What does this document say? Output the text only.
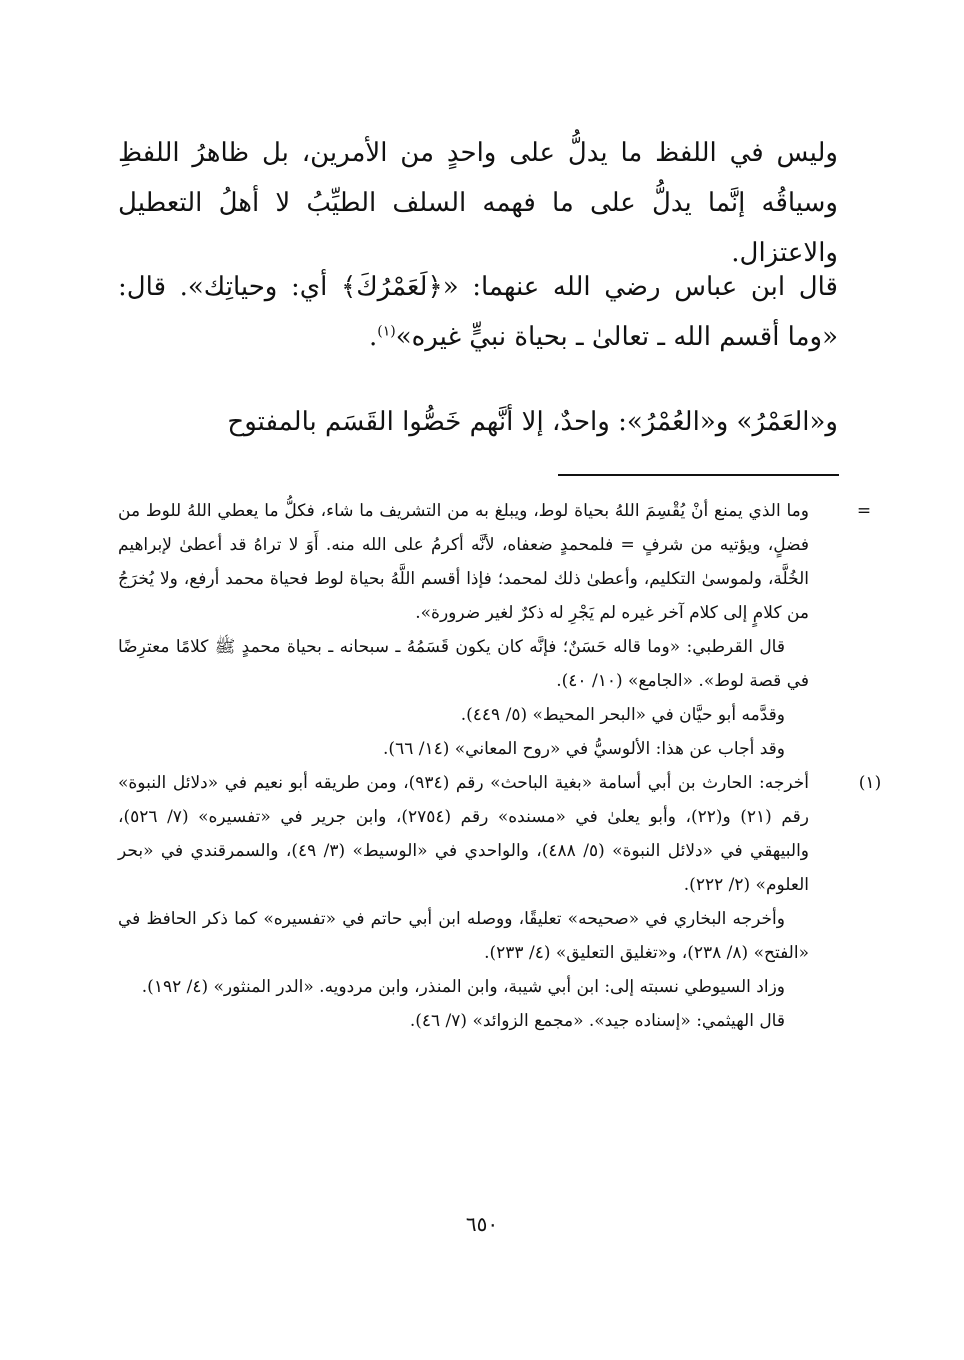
وليس في اللفظ ما يدلُّ على واحدٍ من الأمرين، بل ظاهرُ اللفظِ وسياقُه إنَّما يدلُّ على ما فهمه السلف الطيِّبُ لا أهلُ التعطيل والاعتزال.

قال ابن عباس رضي الله عنهما: «﴿لَعَمْرُكَ﴾ أي: وحياتِك». قال: «وما أقسم الله ـ تعالىٰ ـ بحياة نبيٍّ غيره»$^{(١)}$.

و«العَمْرُ» و«العُمْرُ»: واحدٌ، إلا أنَّهم خَصُّوا القَسَم بالمفتوح

=

وما الذي يمنع أنْ يُقْسِمَ اللهُ بحياة لوط، ويبلغ به من التشريف ما شاء، فكلُّ ما يعطي اللهُ للوط من فضلٍ، ويؤتيه من شرفٍ = فلمحمدٍ ضعفاه، لأنَّه أكرمُ على الله منه. أَوَ لا تراهُ قد أعطىٰ لإبراهيم الخُلَّة، ولموسىٰ التكليم، وأعطىٰ ذلك لمحمد؛ فإذا أقسم اللَّهُ بحياة لوط فحياة محمد أرفع، ولا يُخرَجُ من كلامٍ إلى كلام آخر غيره لم يَجْرِ له ذكرٌ لغير ضرورة».

قال القرطبي: «وما قاله حَسَنٌ؛ فإنَّه كان يكون قَسَمُهُ ـ سبحانه ـ بحياة محمدٍ ﷺ كلامًا معترِضًا في قصة لوط». «الجامع» (١٠/ ٤٠).

وقدَّمه أبو حيَّان في «البحر المحيط» (٥/ ٤٤٩).

وقد أجاب عن هذا: الألوسيُّ في «روح المعاني» (١٤/ ٦٦).

(١)

أخرجه: الحارث بن أبي أسامة «بغية الباحث» رقم (٩٣٤)، ومن طريقه أبو نعيم في «دلائل النبوة» رقم (٢١) و(٢٢)، وأبو يعلىٰ في «مسنده» رقم (٢٧٥٤)، وابن جرير في «تفسيره» (٧/ ٥٢٦)، والبيهقي في «دلائل النبوة» (٥/ ٤٨٨)، والواحدي في «الوسيط» (٣/ ٤٩)، والسمرقندي في «بحر العلوم» (٢/ ٢٢٢).

وأخرجه البخاري في «صحيحه» تعليقًا، ووصله ابن أبي حاتم في «تفسيره» كما ذكر الحافظ في «الفتح» (٨/ ٢٣٨)، و«تغليق التعليق» (٤/ ٢٣٣).

وزاد السيوطي نسبته إلى: ابن أبي شيبة، وابن المنذر، وابن مردويه. «الدر المنثور» (٤/ ١٩٢).

قال الهيثمي: «إسناده جيد». «مجمع الزوائد» (٧/ ٤٦).

٦٥٠
